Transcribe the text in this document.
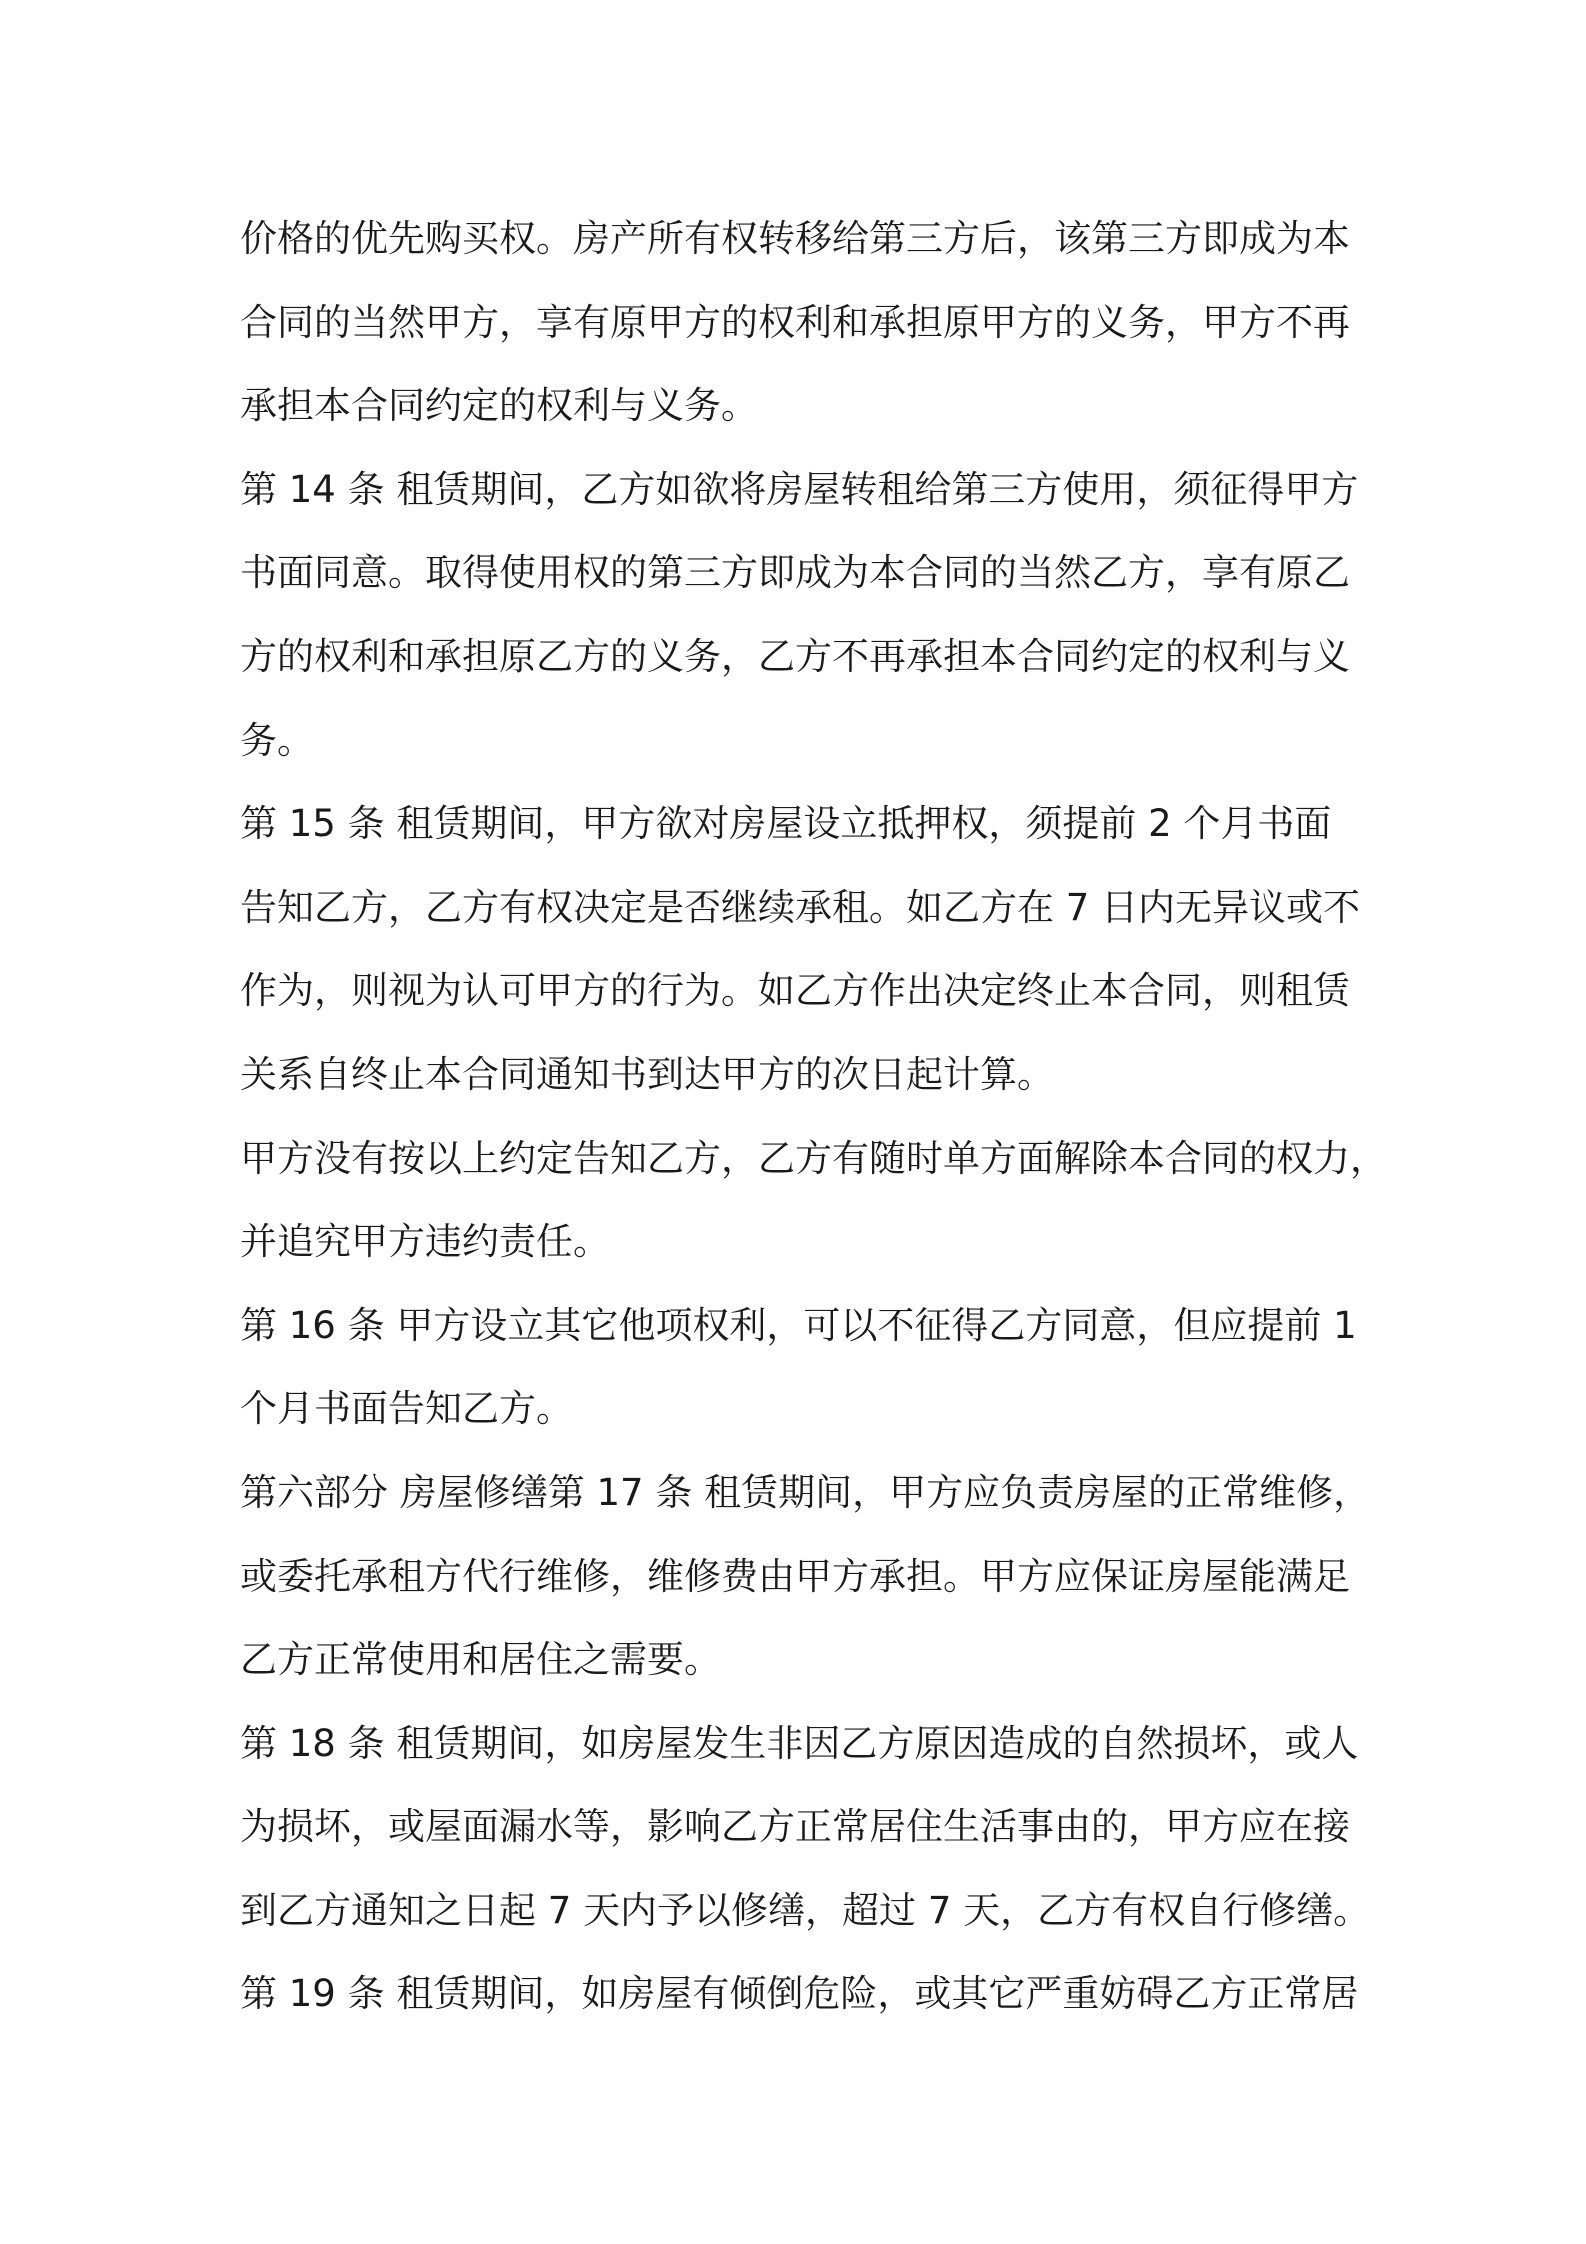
价格的优先购买权。房产所有权转移给第三方后，该第三方即成为本
合同的当然甲方，享有原甲方的权利和承担原甲方的义务，甲方不再
承担本合同约定的权利与义务。
第 14 条 租赁期间，乙方如欲将房屋转租给第三方使用，须征得甲方
书面同意。取得使用权的第三方即成为本合同的当然乙方，享有原乙
方的权利和承担原乙方的义务，乙方不再承担本合同约定的权利与义
务。
第 15 条 租赁期间，甲方欲对房屋设立抵押权，须提前 2 个月书面
告知乙方，乙方有权决定是否继续承租。如乙方在 7 日内无异议或不
作为，则视为认可甲方的行为。如乙方作出决定终止本合同，则租赁
关系自终止本合同通知书到达甲方的次日起计算。
甲方没有按以上约定告知乙方，乙方有随时单方面解除本合同的权力，
并追究甲方违约责任。
第 16 条 甲方设立其它他项权利，可以不征得乙方同意，但应提前 1
个月书面告知乙方。
第六部分 房屋修缮第 17 条 租赁期间，甲方应负责房屋的正常维修，
或委托承租方代行维修，维修费由甲方承担。甲方应保证房屋能满足
乙方正常使用和居住之需要。
第 18 条 租赁期间，如房屋发生非因乙方原因造成的自然损坏，或人
为损坏，或屋面漏水等，影响乙方正常居住生活事由的，甲方应在接
到乙方通知之日起 7 天内予以修缮，超过 7 天，乙方有权自行修缮。
第 19 条 租赁期间，如房屋有倾倒危险，或其它严重妨碍乙方正常居
